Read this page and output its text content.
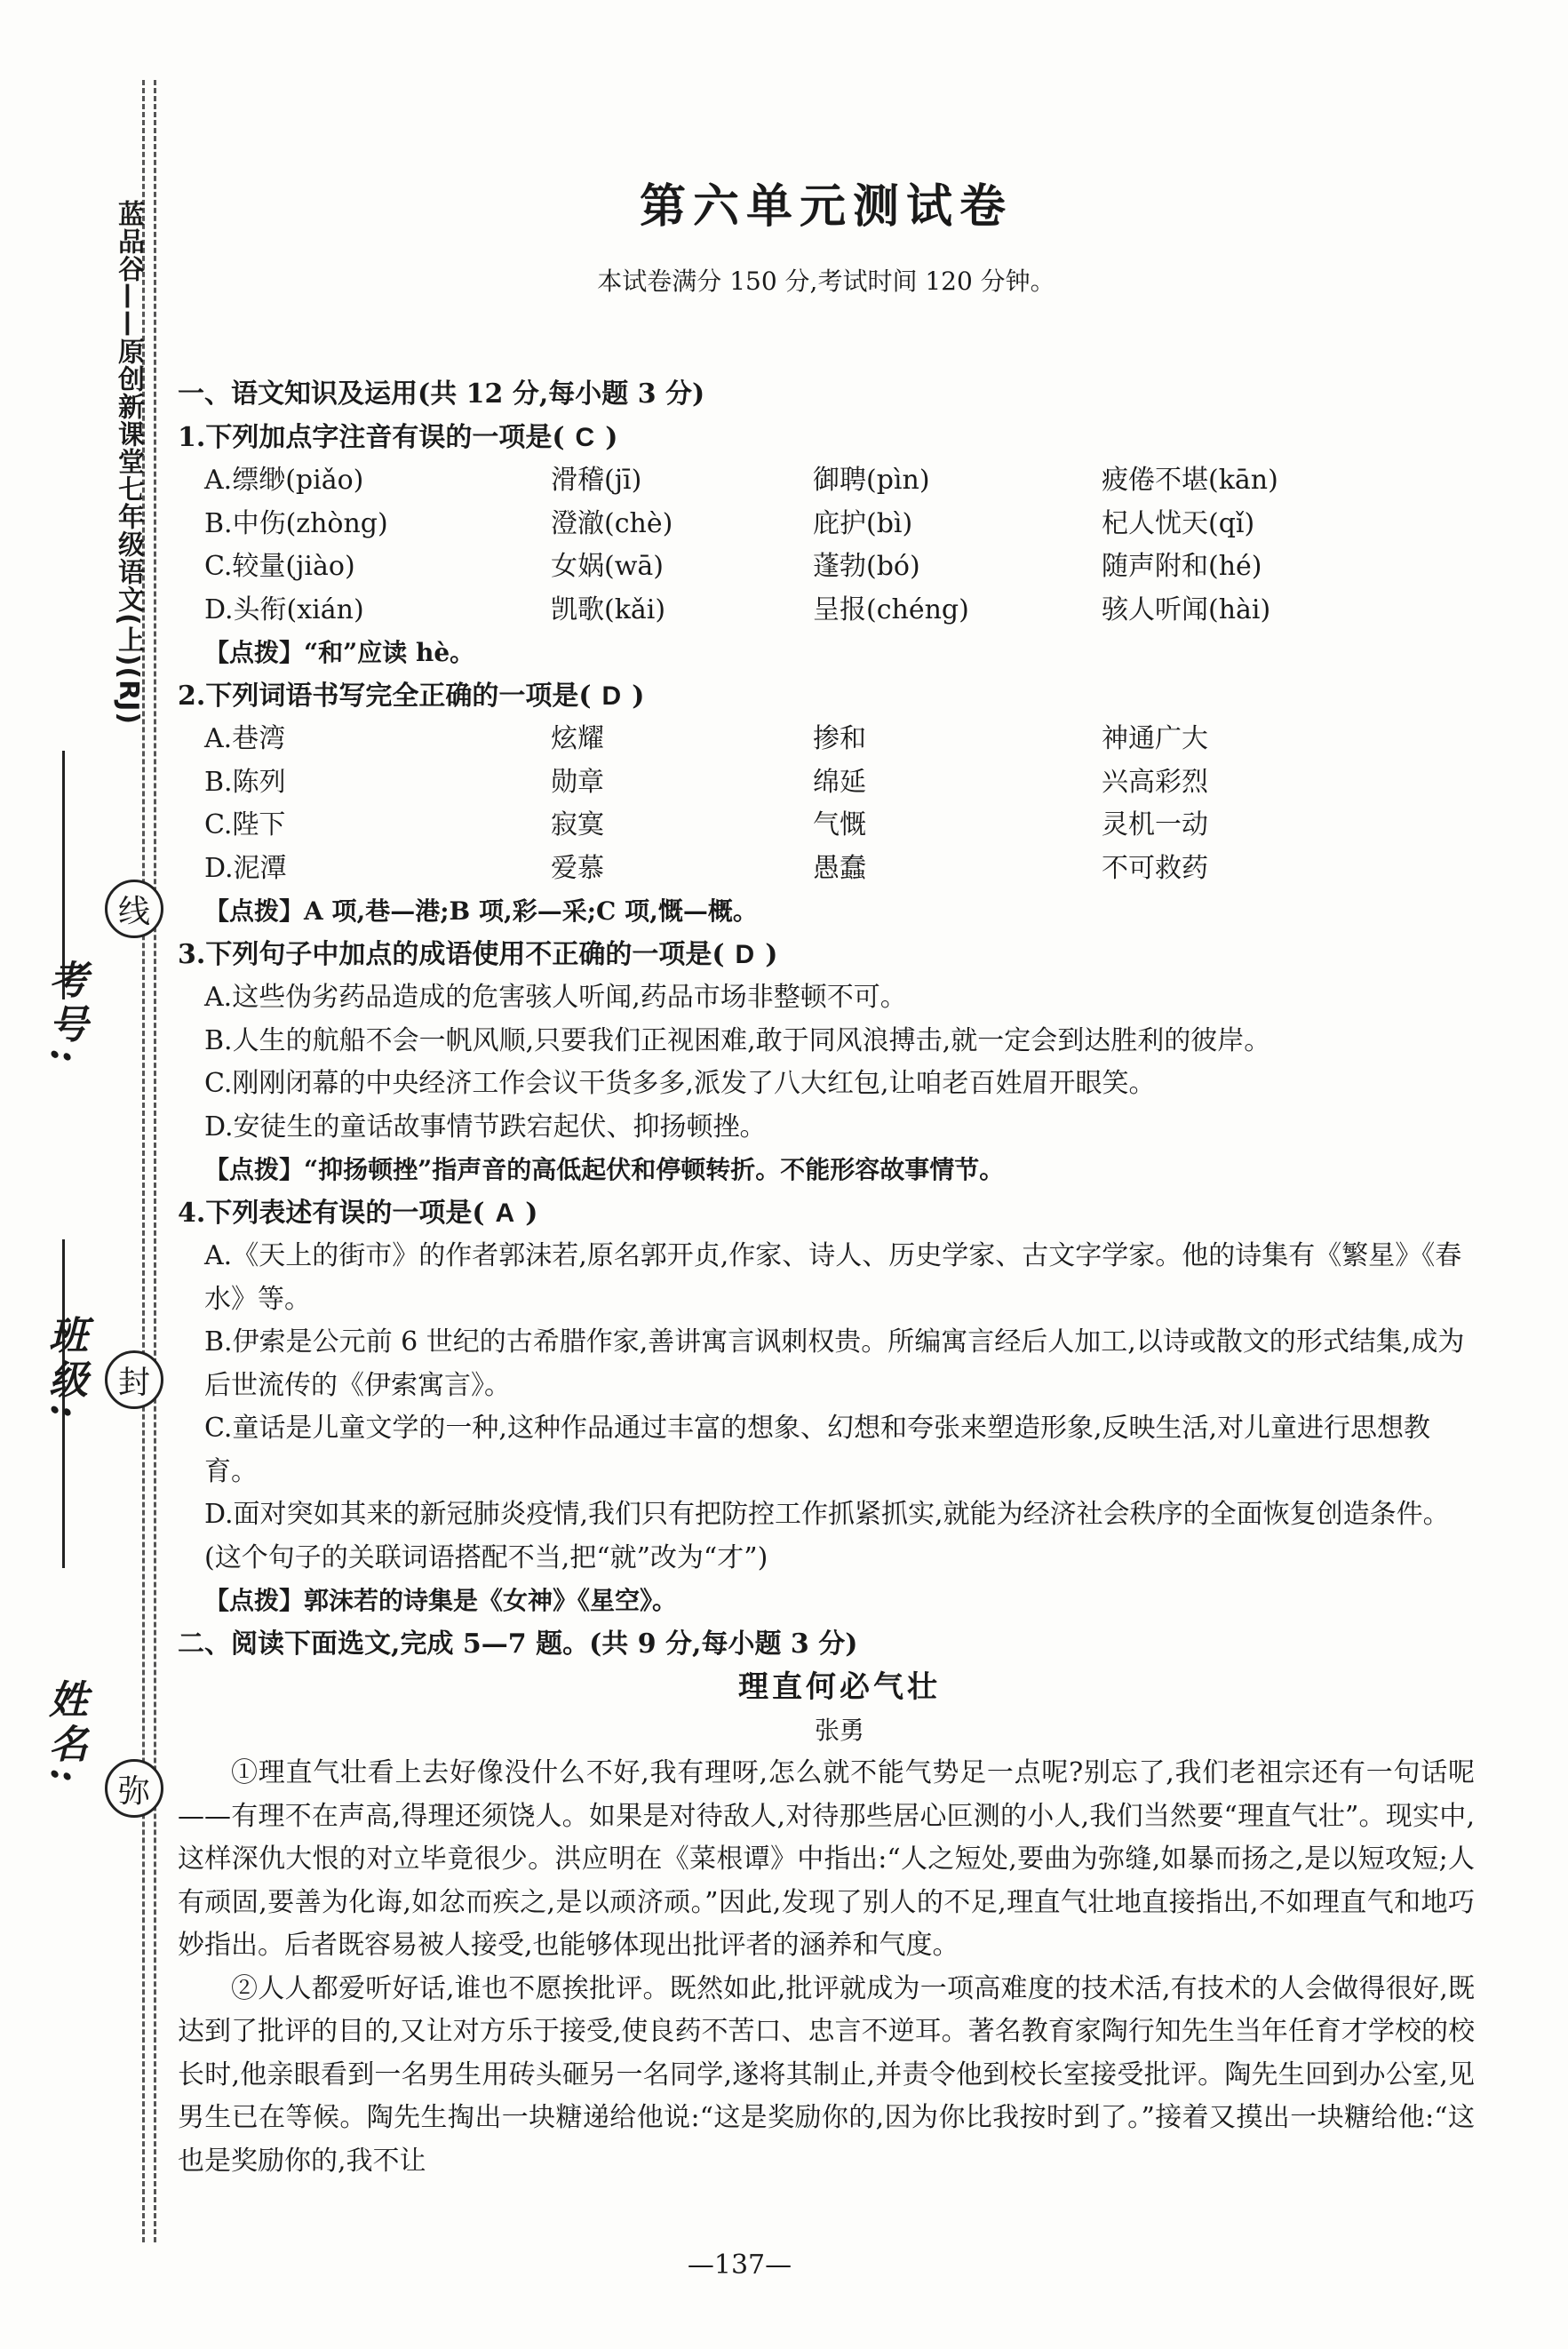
蓝品谷——原创新课堂七年级语文(上)(RJ)
姓名:
班级:
考号:
弥
封
线
第六单元测试卷
本试卷满分 150 分,考试时间 120 分钟。
一、语文知识及运用(共 12 分,每小题 3 分)
1.下列加点字注音有误的一项是( C )
A.缥缈(piǎo)	滑稽(jī)	御聘(pìn)	疲倦不堪(kān)
B.中伤(zhòng)	澄澈(chè)	庇护(bì)	杞人忧天(qǐ)
C.较量(jiào)	女娲(wā)	蓬勃(bó)	随声附和(hé)
D.头衔(xián)	凯歌(kǎi)	呈报(chéng)	骇人听闻(hài)
【点拨】“和”应读 hè。
2.下列词语书写完全正确的一项是( D )
A.巷湾	炫耀	掺和	神通广大
B.陈列	勋章	绵延	兴高彩烈
C.陛下	寂寞	气慨	灵机一动
D.泥潭	爱慕	愚蠢	不可救药
【点拨】A 项,巷—港;B 项,彩—采;C 项,慨—概。
3.下列句子中加点的成语使用不正确的一项是( D )
A.这些伪劣药品造成的危害骇人听闻,药品市场非整顿不可。
B.人生的航船不会一帆风顺,只要我们正视困难,敢于同风浪搏击,就一定会到达胜利的彼岸。
C.刚刚闭幕的中央经济工作会议干货多多,派发了八大红包,让咱老百姓眉开眼笑。
D.安徒生的童话故事情节跌宕起伏、抑扬顿挫。
【点拨】“抑扬顿挫”指声音的高低起伏和停顿转折。不能形容故事情节。
4.下列表述有误的一项是( A )
A.《天上的街市》的作者郭沫若,原名郭开贞,作家、诗人、历史学家、古文字学家。他的诗集有《繁星》《春水》等。
B.伊索是公元前 6 世纪的古希腊作家,善讲寓言讽刺权贵。所编寓言经后人加工,以诗或散文的形式结集,成为后世流传的《伊索寓言》。
C.童话是儿童文学的一种,这种作品通过丰富的想象、幻想和夸张来塑造形象,反映生活,对儿童进行思想教育。
D.面对突如其来的新冠肺炎疫情,我们只有把防控工作抓紧抓实,就能为经济社会秩序的全面恢复创造条件。(这个句子的关联词语搭配不当,把“就”改为“才”)
【点拨】郭沫若的诗集是《女神》《星空》。
二、阅读下面选文,完成 5—7 题。(共 9 分,每小题 3 分)
理直何必气壮
张勇
①理直气壮看上去好像没什么不好,我有理呀,怎么就不能气势足一点呢?别忘了,我们老祖宗还有一句话呢——有理不在声高,得理还须饶人。如果是对待敌人,对待那些居心叵测的小人,我们当然要“理直气壮”。现实中,这样深仇大恨的对立毕竟很少。洪应明在《菜根谭》中指出:“人之短处,要曲为弥缝,如暴而扬之,是以短攻短;人有顽固,要善为化诲,如忿而疾之,是以顽济顽。”因此,发现了别人的不足,理直气壮地直接指出,不如理直气和地巧妙指出。后者既容易被人接受,也能够体现出批评者的涵养和气度。
②人人都爱听好话,谁也不愿挨批评。既然如此,批评就成为一项高难度的技术活,有技术的人会做得很好,既达到了批评的目的,又让对方乐于接受,使良药不苦口、忠言不逆耳。著名教育家陶行知先生当年任育才学校的校长时,他亲眼看到一名男生用砖头砸另一名同学,遂将其制止,并责令他到校长室接受批评。陶先生回到办公室,见男生已在等候。陶先生掏出一块糖递给他说:“这是奖励你的,因为你比我按时到了。”接着又摸出一块糖给他:“这也是奖励你的,我不让
—137—
